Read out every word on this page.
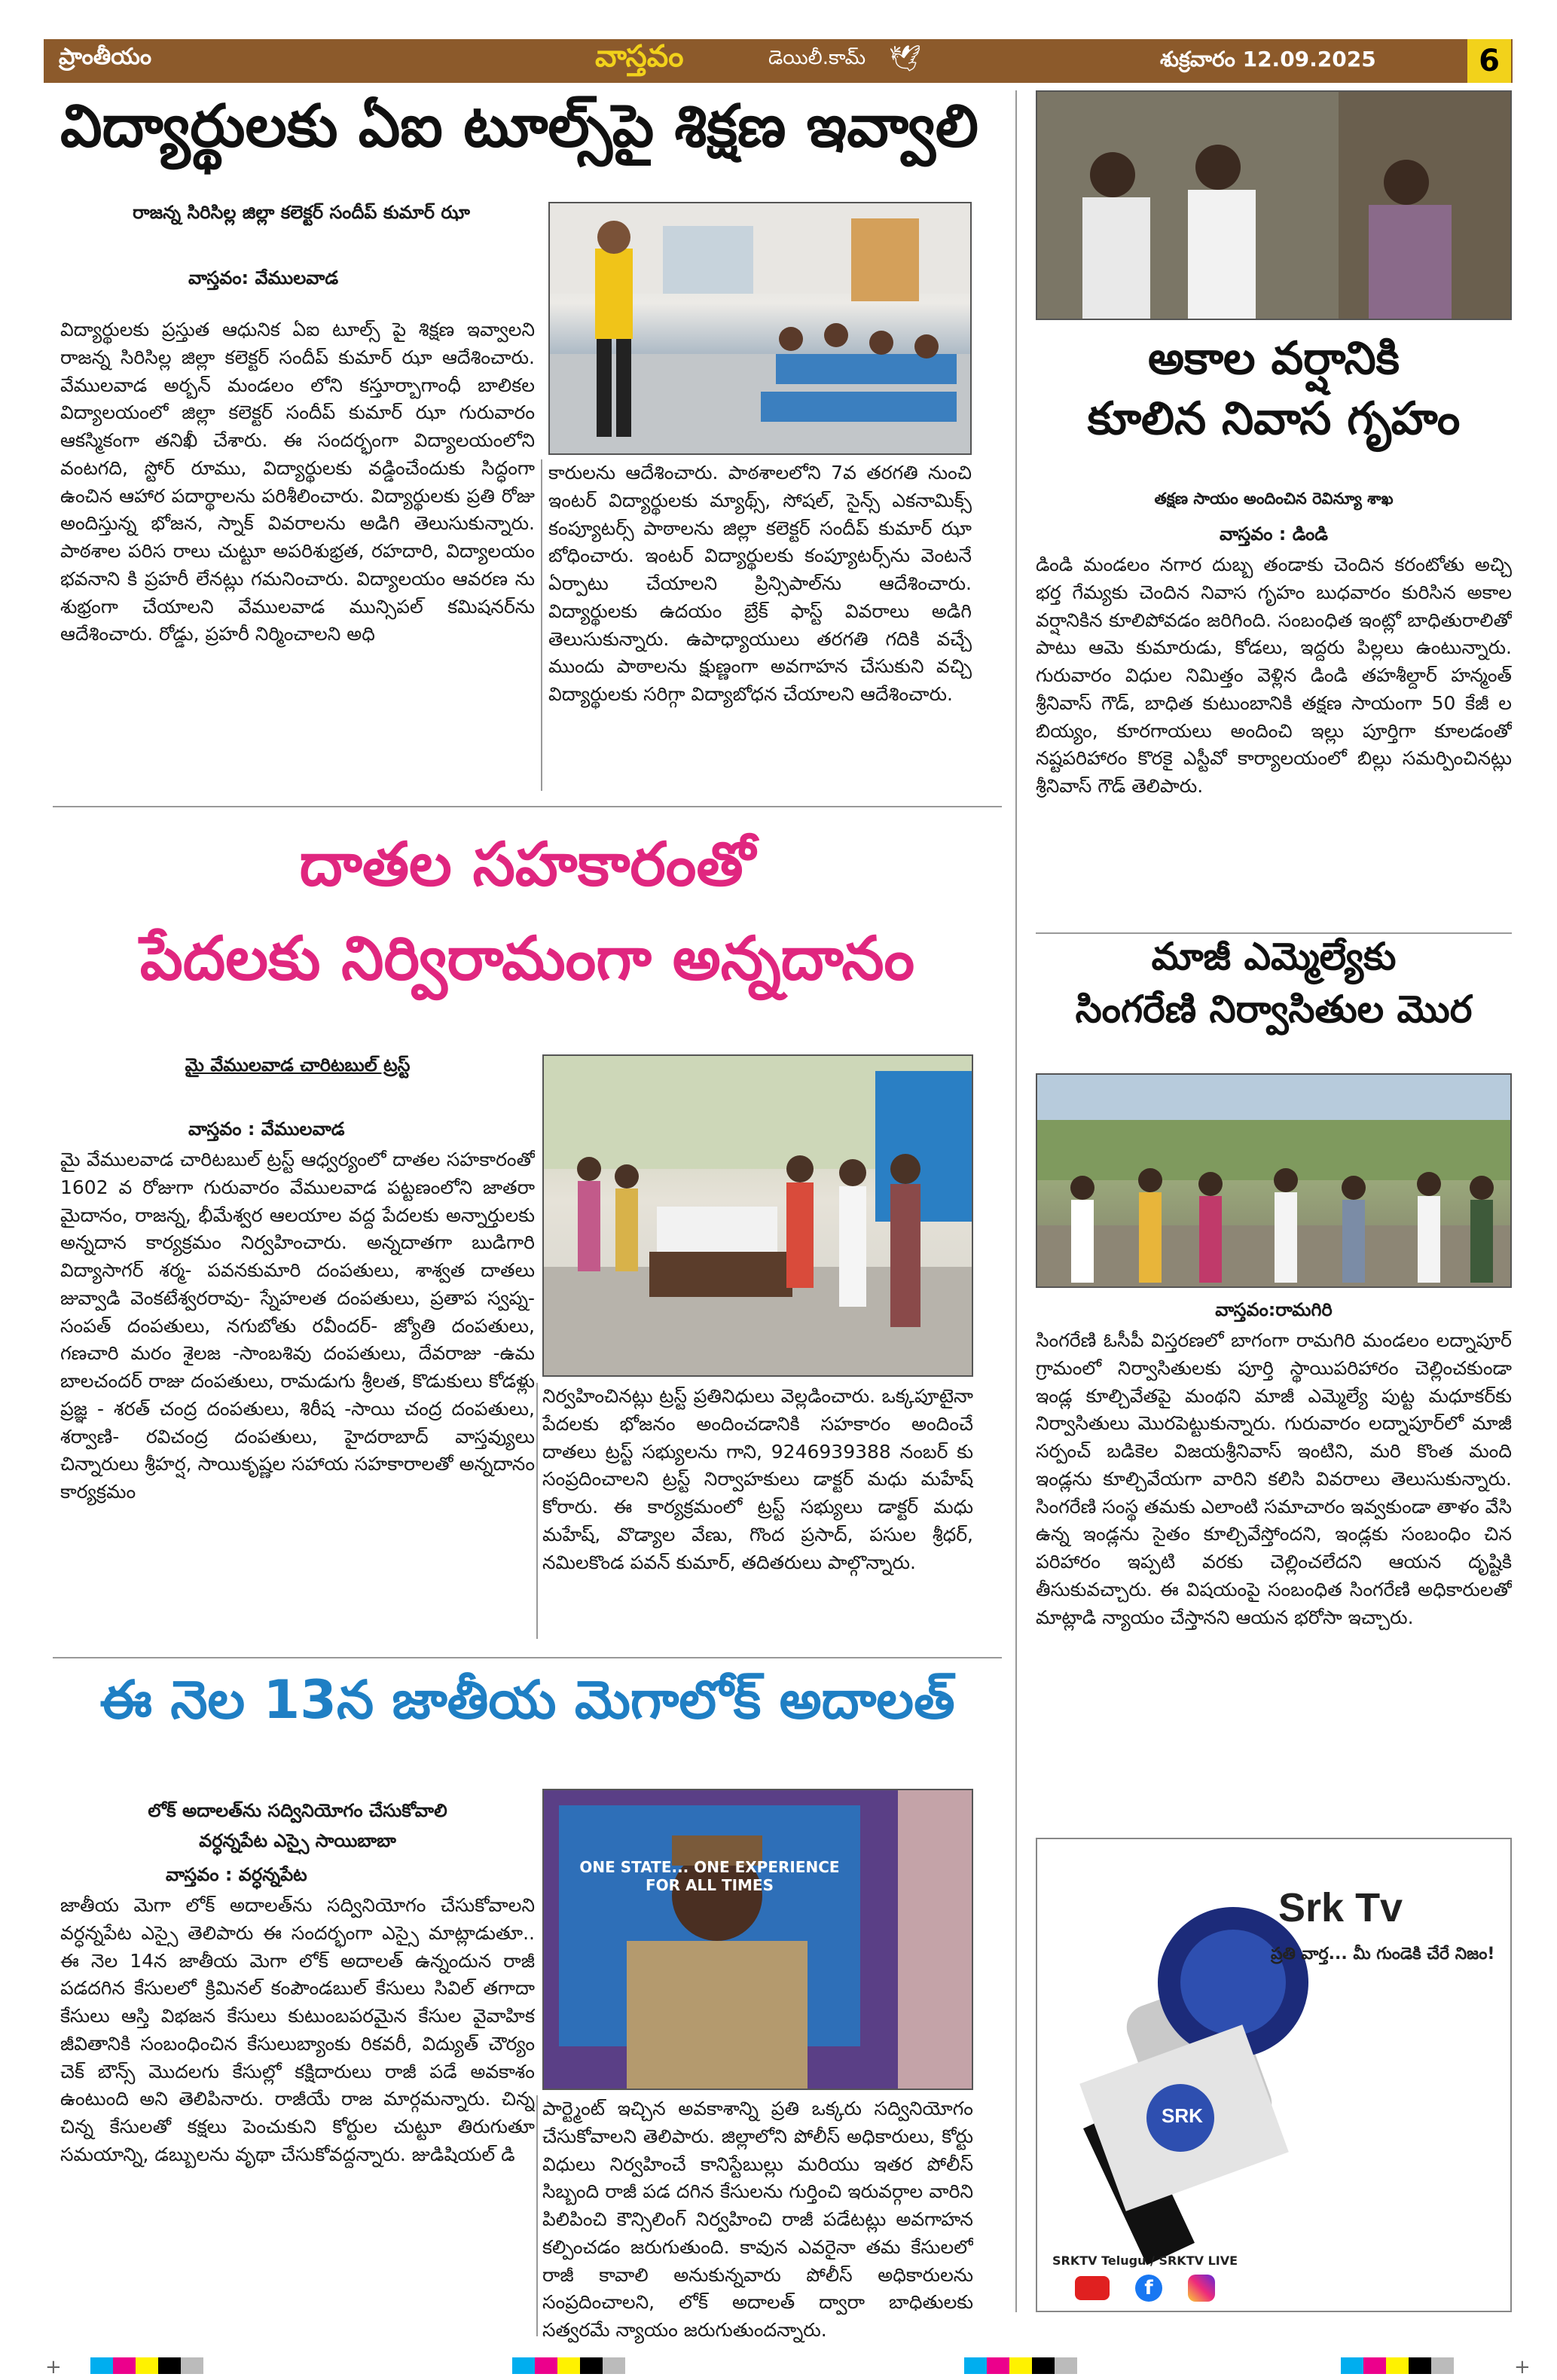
ప్రాంతీయం	వాస్తవం	డెయిలీ.కామ్ 🕊	శుక్రవారం 12.09.2025	6
విద్యార్థులకు ఏఐ టూల్స్‌పై శిక్షణ ఇవ్వాలి
రాజన్న సిరిసిల్ల జిల్లా కలెక్టర్ సందీప్ కుమార్ ఝా
వాస్తవం: వేములవాడ
విద్యార్థులకు ప్రస్తుత ఆధునిక ఏఐ టూల్స్ పై శిక్షణ ఇవ్వాలని రాజన్న సిరిసిల్ల జిల్లా కలెక్టర్ సందీప్ కుమార్ ఝా ఆదేశించారు. వేములవాడ అర్బన్ మండలం లోని కస్తూర్బాగాంధీ బాలికల విద్యాలయంలో జిల్లా కలెక్టర్ సందీప్ కుమార్ ఝా గురువారం ఆకస్మికంగా తనిఖీ చేశారు. ఈ సందర్భంగా విద్యాలయంలోని వంటగది, స్టోర్ రూము, విద్యార్థులకు వడ్డించేందుకు సిద్ధంగా ఉంచిన ఆహార పదార్థాలను పరిశీలించారు. విద్యార్థులకు ప్రతి రోజు అందిస్తున్న భోజన, స్నాక్ వివరాలను అడిగి తెలుసుకున్నారు. పాఠశాల పరిస రాలు చుట్టూ అపరిశుభ్రత, రహదారి, విద్యాలయం భవనాని కి ప్రహరీ లేనట్లు గమనించారు. విద్యాలయం ఆవరణ ను శుభ్రంగా చేయాలని వేములవాడ మున్సిపల్ కమిషనర్‌ను ఆదేశించారు. రోడ్డు, ప్రహరీ నిర్మించాలని అధి
కారులను ఆదేశించారు. పాఠశాలలోని 7వ తరగతి నుంచి ఇంటర్ విద్యార్థులకు మ్యాథ్స్, సోషల్, సైన్స్ ఎకనామిక్స్ కంప్యూటర్స్ పాఠాలను జిల్లా కలెక్టర్ సందీప్ కుమార్ ఝా బోధించారు. ఇంటర్ విద్యార్థులకు కంప్యూటర్స్‌ను వెంటనే ఏర్పాటు చేయాలని ప్రిన్సిపాల్‌ను ఆదేశించారు. విద్యార్థులకు ఉదయం బ్రేక్ ఫాస్ట్ వివరాలు అడిగి తెలుసుకున్నారు. ఉపాధ్యాయులు తరగతి గదికి వచ్చే ముందు పాఠాలను క్షుణ్ణంగా అవగాహన చేసుకుని వచ్చి విద్యార్థులకు సరిగ్గా విద్యాబోధన చేయాలని ఆదేశించారు.
దాతల సహకారంతో
పేదలకు నిర్విరామంగా అన్నదానం
మై వేములవాడ చారిటబుల్ ట్రస్ట్
వాస్తవం : వేములవాడ
మై వేములవాడ చారిటబుల్ ట్రస్ట్ ఆధ్వర్యంలో దాతల సహకారంతో 1602 వ రోజుగా గురువారం వేములవాడ పట్టణంలోని జాతరా మైదానం, రాజన్న, భీమేశ్వర ఆలయాల వద్ద పేదలకు అన్నార్తులకు అన్నదాన కార్యక్రమం నిర్వహించారు. అన్నదాతగా బుడిగారి విద్యాసాగర్ శర్మ- పవనకుమారి దంపతులు, శాశ్వత దాతలు జువ్వాడి వెంకటేశ్వరరావు- స్నేహలత దంపతులు, ప్రతాప స్వప్న- సంపత్ దంపతులు, నగుబోతు రవీందర్- జ్యోతి దంపతులు, గణచారి మరం శైలజ -సాంబశివు దంపతులు, దేవరాజు -ఉమ బాలచందర్ రాజు దంపతులు, రామడుగు శ్రీలత, కొడుకులు కోడళ్లు ప్రజ్ఞ - శరత్ చంద్ర దంపతులు, శిరీష -సాయి చంద్ర దంపతులు, శర్వాణి- రవిచంద్ర దంపతులు, హైదరాబాద్ వాస్తవ్యులు చిన్నారులు శ్రీహర్ష, సాయికృష్ణల సహాయ సహకారాలతో అన్నదానం కార్యక్రమం
నిర్వహించినట్లు ట్రస్ట్ ప్రతినిధులు వెల్లడించారు. ఒక్కపూటైనా పేదలకు భోజనం అందించడానికి సహకారం అందించే దాతలు ట్రస్ట్ సభ్యులను గాని, 9246939388 నంబర్ కు సంప్రదించాలని ట్రస్ట్ నిర్వాహకులు డాక్టర్ మధు మహేష్ కోరారు. ఈ కార్యక్రమంలో ట్రస్ట్ సభ్యులు డాక్టర్ మధు మహేష్, వొడ్యాల వేణు, గొంద ప్రసాద్, పసుల శ్రీధర్, నమిలకొండ పవన్ కుమార్, తదితరులు పాల్గొన్నారు.
ఈ నెల 13న జాతీయ మెగాలోక్ అదాలత్
లోక్ అదాలత్‌ను సద్వినియోగం చేసుకోవాలి
వర్ధన్నపేట ఎస్సై సాయిబాబా
వాస్తవం : వర్ధన్నపేట
జాతీయ మెగా లోక్ అదాలత్‌ను సద్వినియోగం చేసుకోవాలని వర్ధన్నపేట ఎస్సై తెలిపారు ఈ సందర్భంగా ఎస్సై మాట్లాడుతూ.. ఈ నెల 14న జాతీయ మెగా లోక్ అదాలత్ ఉన్నందున రాజీ పడదగిన కేసులలో క్రిమినల్ కంపౌండబుల్ కేసులు సివిల్ తగాదా కేసులు ఆస్తి విభజన కేసులు కుటుంబపరమైన కేసుల వైవాహిక జీవితానికి సంబంధించిన కేసులుబ్యాంకు రికవరీ, విద్యుత్ చౌర్యం చెక్ బౌన్స్ మొదలగు కేసుల్లో కక్షిదారులు రాజీ పడే అవకాశం ఉంటుంది అని తెలిపినారు. రాజీయే రాజ మార్గమన్నారు. చిన్న చిన్న కేసులతో కక్షలు పెంచుకుని కోర్టుల చుట్టూ తిరుగుతూ సమయాన్ని, డబ్బులను వృథా చేసుకోవద్దన్నారు. జుడిషియల్ డి
ONE STATE... ONE EXPERIENCE FOR ALL TIMES
పార్ట్మెంట్ ఇచ్చిన అవకాశాన్ని ప్రతి ఒక్కరు సద్వినియోగం చేసుకోవాలని తెలిపారు. జిల్లాలోని పోలీస్ అధికారులు, కోర్టు విధులు నిర్వహించే కానిస్టేబుల్లు మరియు ఇతర పోలీస్ సిబ్బంది రాజీ పడ దగిన కేసులను గుర్తించి ఇరువర్గాల వారిని పిలిపించి కౌన్సిలింగ్ నిర్వహించి రాజీ పడేటట్లు అవగాహన కల్పించడం జరుగుతుంది. కావున ఎవరైనా తమ కేసులలో రాజీ కావాలి అనుకున్నవారు పోలీస్ అధికారులను సంప్రదించాలని, లోక్ అదాలత్ ద్వారా బాధితులకు సత్వరమే న్యాయం జరుగుతుందన్నారు.
అకాల వర్షానికి
కూలిన నివాస గృహం
తక్షణ సాయం అందించిన రెవిన్యూ శాఖ
వాస్తవం : డిండి
డిండి మండలం నగార దుబ్బ తండాకు చెందిన కరంటోతు అచ్చి భర్త గేమ్యకు చెందిన నివాస గృహం బుధవారం కురిసిన అకాల వర్షానికిన కూలిపోవడం జరిగింది. సంబంధిత ఇంట్లో బాధితురాలితో పాటు ఆమె కుమారుడు, కోడలు, ఇద్దరు పిల్లలు ఉంటున్నారు. గురువారం విధుల నిమిత్తం వెళ్లిన డిండి తహశీల్దార్ హన్మంత్ శ్రీనివాస్ గౌడ్, బాధిత కుటుంబానికి తక్షణ సాయంగా 50 కేజీ ల బియ్యం, కూరగాయలు అందించి ఇల్లు పూర్తిగా కూలడంతో నష్టపరిహారం కొరకై ఎస్టీవో కార్యాలయంలో బిల్లు సమర్పించినట్లు శ్రీనివాస్ గౌడ్ తెలిపారు.
మాజీ ఎమ్మెల్యేకు
సింగరేణి నిర్వాసితుల మొర
వాస్తవం:రామగిరి
సింగరేణి ఓసీపీ విస్తరణలో బాగంగా రామగిరి మండలం లద్నాపూర్ గ్రామంలో నిర్వాసితులకు పూర్తి స్థాయిపరిహారం చెల్లించకుండా ఇండ్ల కూల్చివేతపై మంథని మాజీ ఎమ్మెల్యే పుట్ట మధూకర్‌కు నిర్వాసితులు మొరపెట్టుకున్నారు. గురువారం లద్నాపూర్‌లో మాజీ సర్పంచ్ బడికెల విజయశ్రీనివాస్ ఇంటిని, మరి కొంత మంది ఇండ్లను కూల్చివేయగా వారిని కలిసి వివరాలు తెలుసుకున్నారు. సింగరేణి సంస్థ తమకు ఎలాంటి సమాచారం ఇవ్వకుండా తాళం వేసి ఉన్న ఇండ్లను సైతం కూల్చివేస్తోందని, ఇండ్లకు సంబంధిం చిన పరిహారం ఇప్పటి వరకు చెల్లించలేదని ఆయన దృష్టికి తీసుకువచ్చారు. ఈ విషయంపై సంబంధిత సింగరేణి అధికారులతో మాట్లాడి న్యాయం చేస్తానని ఆయన భరోసా ఇచ్చారు.
Srk Tv
ప్రతి వార్త... మీ గుండెకి చేరే నిజం!
SRK
SRKTV Telugu / SRKTV LIVE
f
+	+
